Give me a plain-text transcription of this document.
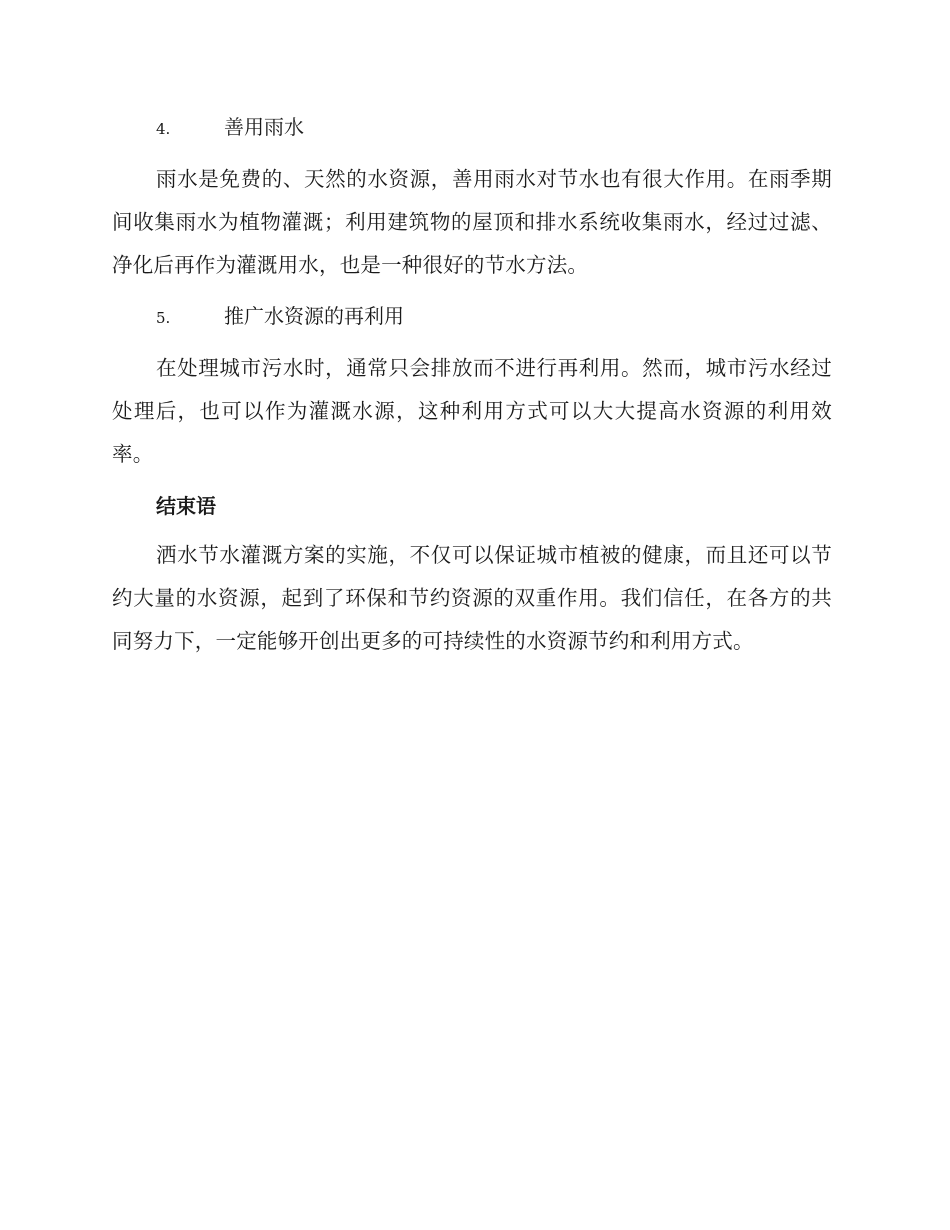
4.	善用雨水

雨水是免费的、天然的水资源，善用雨水对节水也有很大作用。在雨季期间收集雨水为植物灌溉；利用建筑物的屋顶和排水系统收集雨水，经过过滤、净化后再作为灌溉用水，也是一种很好的节水方法。

5.	推广水资源的再利用

在处理城市污水时，通常只会排放而不进行再利用。然而，城市污水经过处理后，也可以作为灌溉水源，这种利用方式可以大大提高水资源的利用效率。

结束语

洒水节水灌溉方案的实施，不仅可以保证城市植被的健康，而且还可以节约大量的水资源，起到了环保和节约资源的双重作用。我们信任，在各方的共同努力下，一定能够开创出更多的可持续性的水资源节约和利用方式。
